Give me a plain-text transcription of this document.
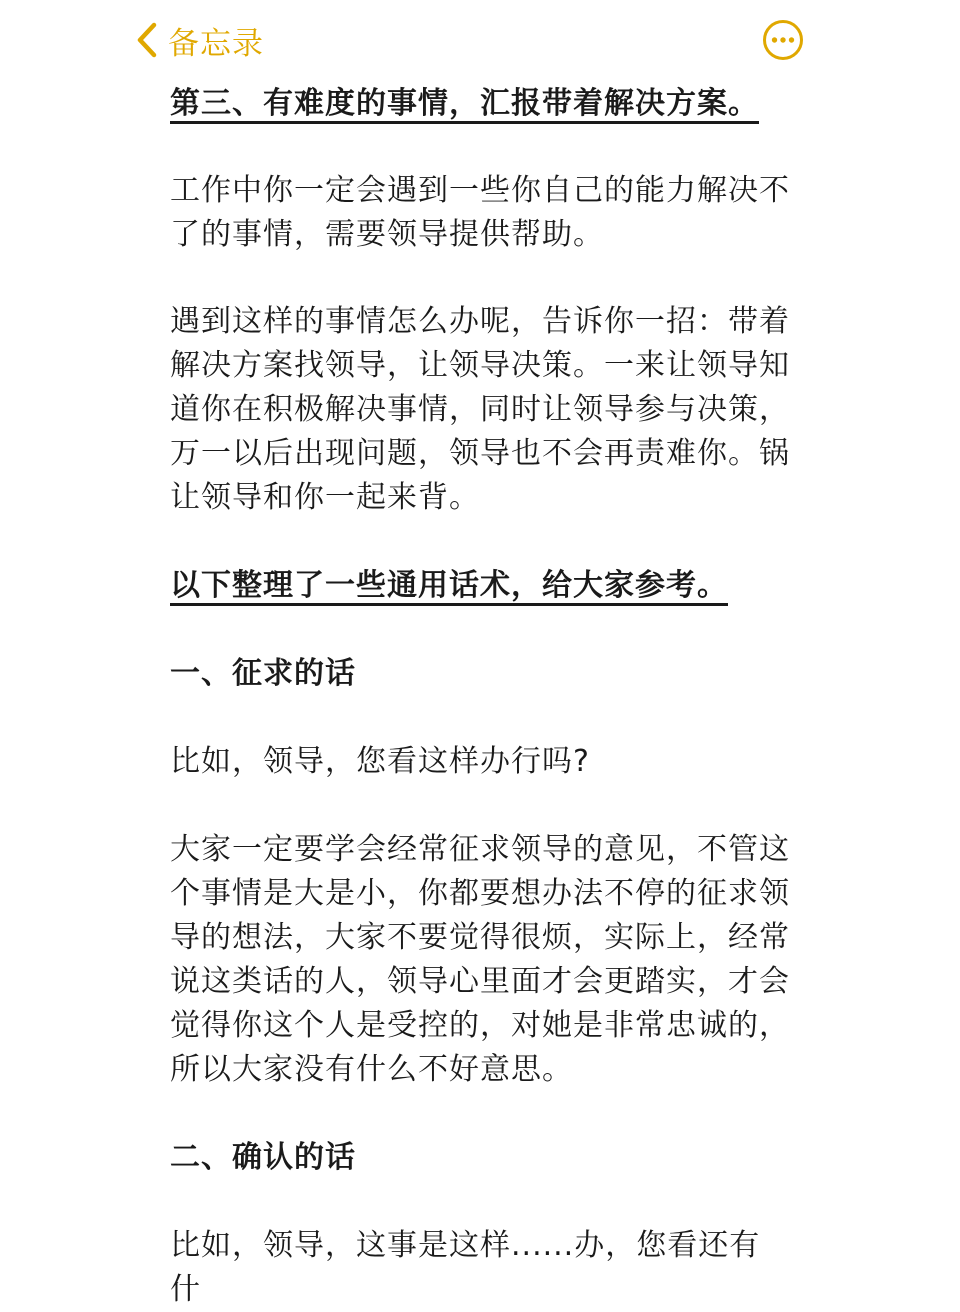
备忘录

第三、有难度的事情，汇报带着解决方案。

工作中你一定会遇到一些你自己的能力解决不了的事情，需要领导提供帮助。

遇到这样的事情怎么办呢，告诉你一招：带着解决方案找领导，让领导决策。一来让领导知道你在积极解决事情，同时让领导参与决策，万一以后出现问题，领导也不会再责难你。锅让领导和你一起来背。

以下整理了一些通用话术，给大家参考。

一、征求的话

比如，领导，您看这样办行吗?

大家一定要学会经常征求领导的意见，不管这个事情是大是小，你都要想办法不停的征求领导的想法，大家不要觉得很烦，实际上，经常说这类话的人，领导心里面才会更踏实，才会觉得你这个人是受控的，对她是非常忠诚的，所以大家没有什么不好意思。

二、确认的话

比如，领导，这事是这样......办，您看还有什
